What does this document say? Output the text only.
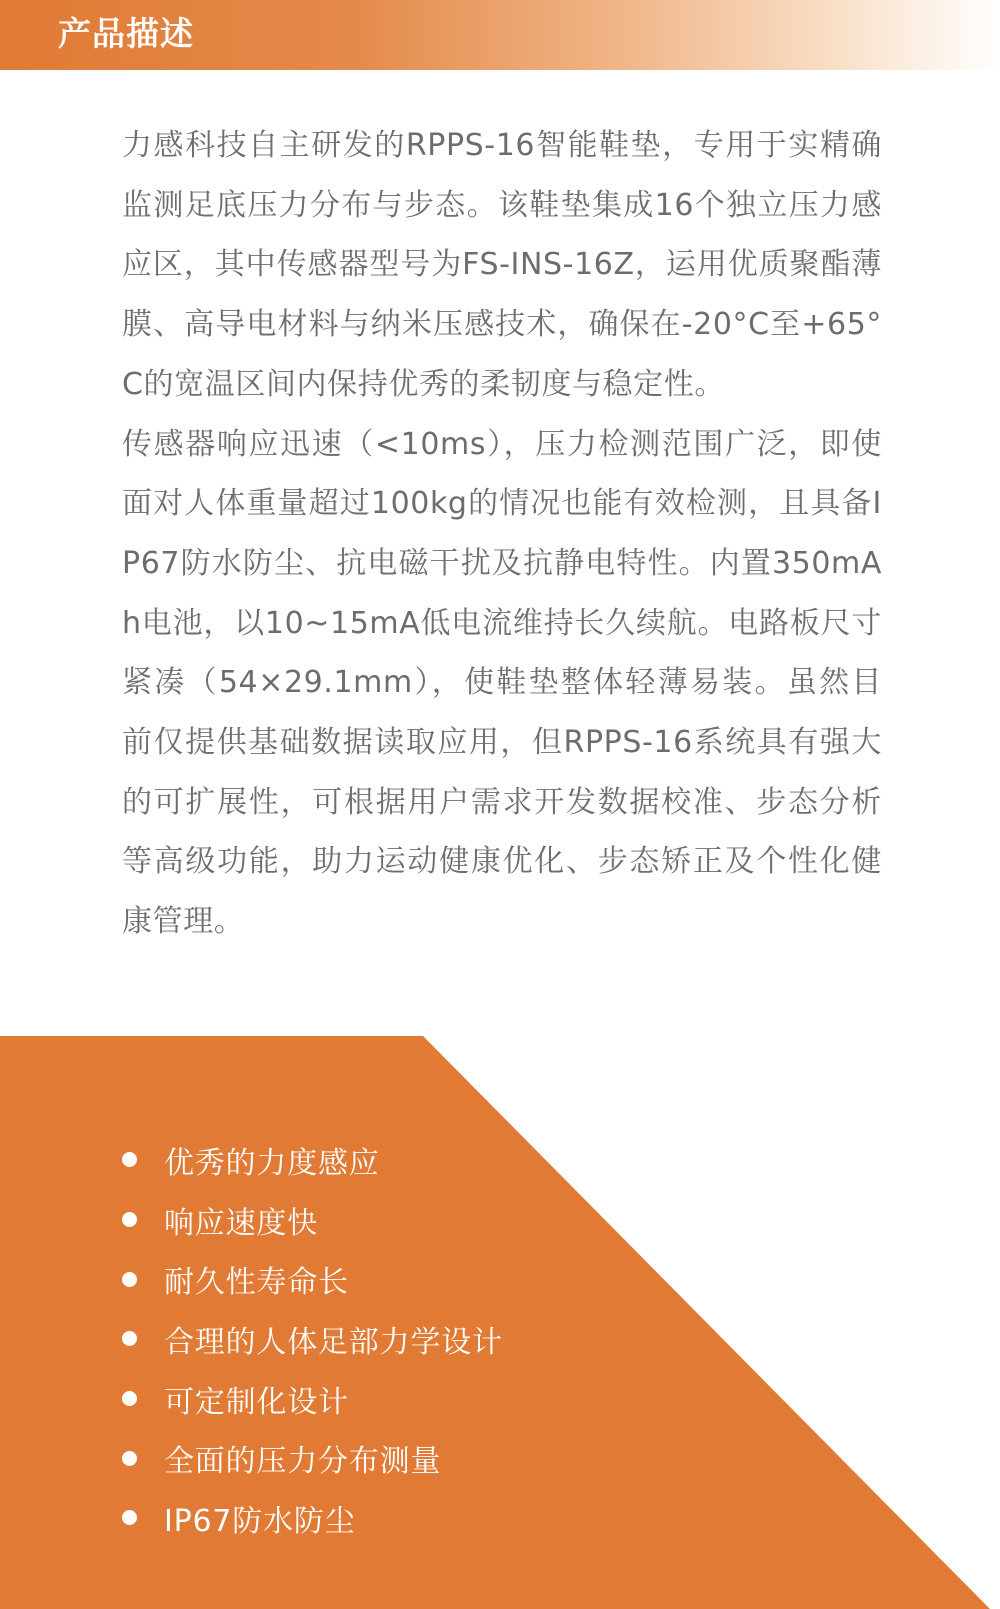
产品描述

力感科技自主研发的RPPS-16智能鞋垫，专用于实精确监测足底压力分布与步态。该鞋垫集成16个独立压力感应区，其中传感器型号为FS-INS-16Z，运用优质聚酯薄膜、高导电材料与纳米压感技术，确保在-20°C至+65°C的宽温区间内保持优秀的柔韧度与稳定性。

传感器响应迅速（<10ms），压力检测范围广泛，即使面对人体重量超过100kg的情况也能有效检测，且具备IP67防水防尘、抗电磁干扰及抗静电特性。内置350mAh电池，以10~15mA低电流维持长久续航。电路板尺寸紧凑（54×29.1mm），使鞋垫整体轻薄易装。虽然目前仅提供基础数据读取应用，但RPPS-16系统具有强大的可扩展性，可根据用户需求开发数据校准、步态分析等高级功能，助力运动健康优化、步态矫正及个性化健康管理。

优秀的力度感应
响应速度快
耐久性寿命长
合理的人体足部力学设计
可定制化设计
全面的压力分布测量
IP67防水防尘
